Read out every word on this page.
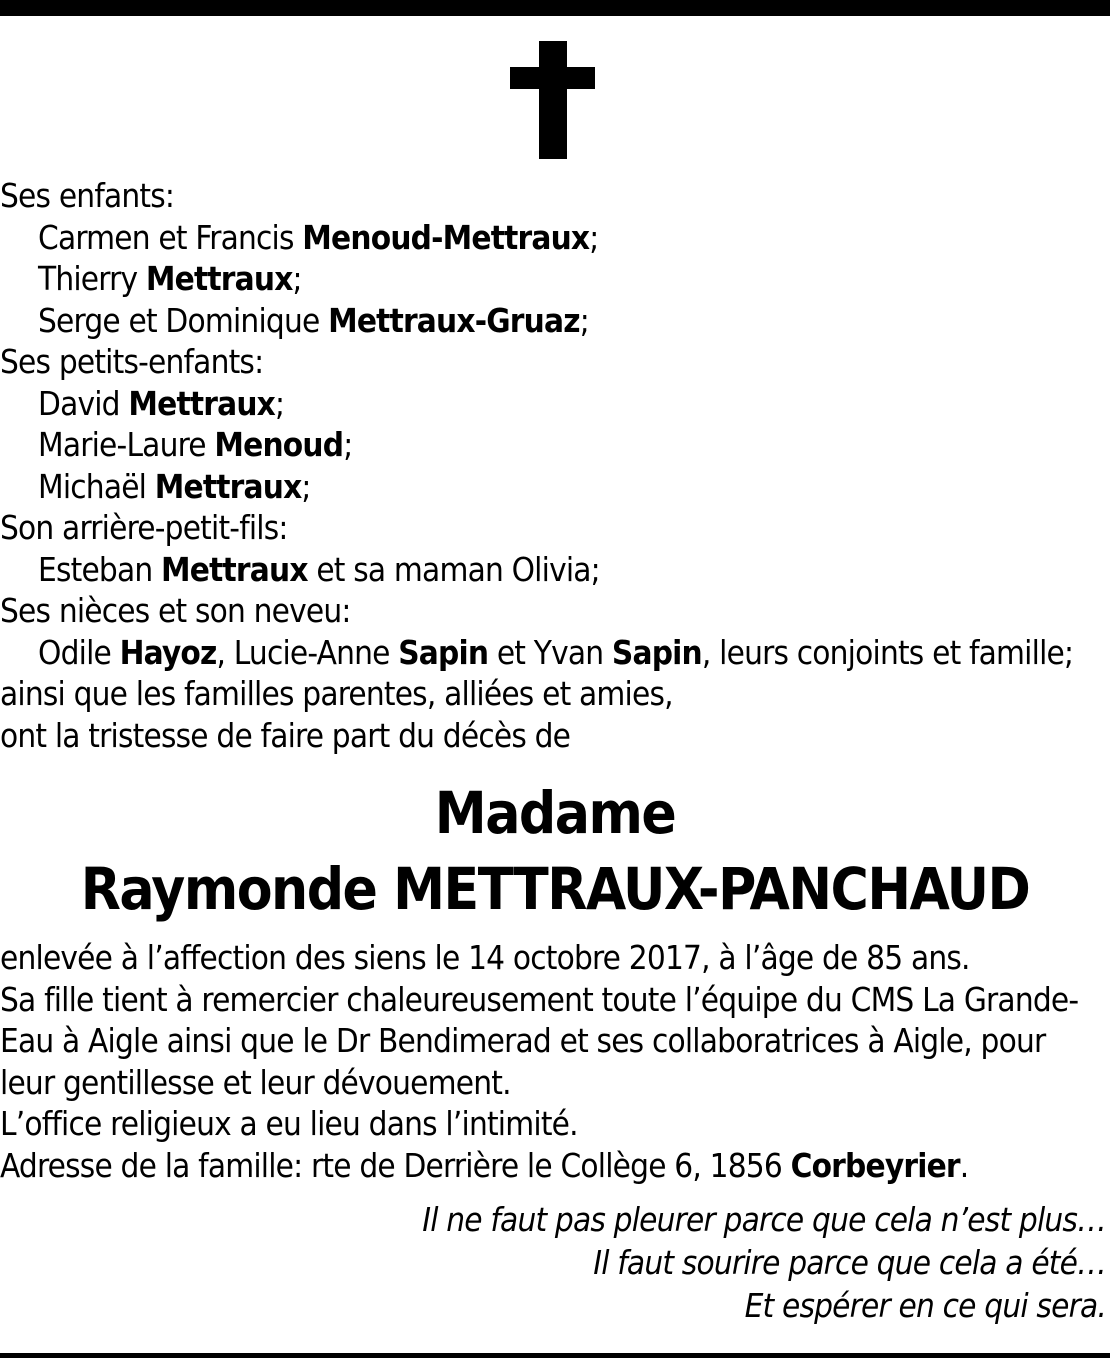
Ses enfants:
Carmen et Francis Menoud-Mettraux;
Thierry Mettraux;
Serge et Dominique Mettraux-Gruaz;
Ses petits-enfants:
David Mettraux;
Marie-Laure Menoud;
Michaël Mettraux;
Son arrière-petit-fils:
Esteban Mettraux et sa maman Olivia;
Ses nièces et son neveu:
Odile Hayoz, Lucie-Anne Sapin et Yvan Sapin, leurs conjoints et famille;
ainsi que les familles parentes, alliées et amies,
ont la tristesse de faire part du décès de
Madame
Raymonde METTRAUX-PANCHAUD
enlevée à l’affection des siens le 14 octobre 2017, à l’âge de 85 ans.
Sa fille tient à remercier chaleureusement toute l’équipe du CMS La Grande-
Eau à Aigle ainsi que le Dr Bendimerad et ses collaboratrices à Aigle, pour
leur gentillesse et leur dévouement.
L’office religieux a eu lieu dans l’intimité.
Adresse de la famille: rte de Derrière le Collège 6, 1856 Corbeyrier.
Il ne faut pas pleurer parce que cela n’est plus…
Il faut sourire parce que cela a été…
Et espérer en ce qui sera.
